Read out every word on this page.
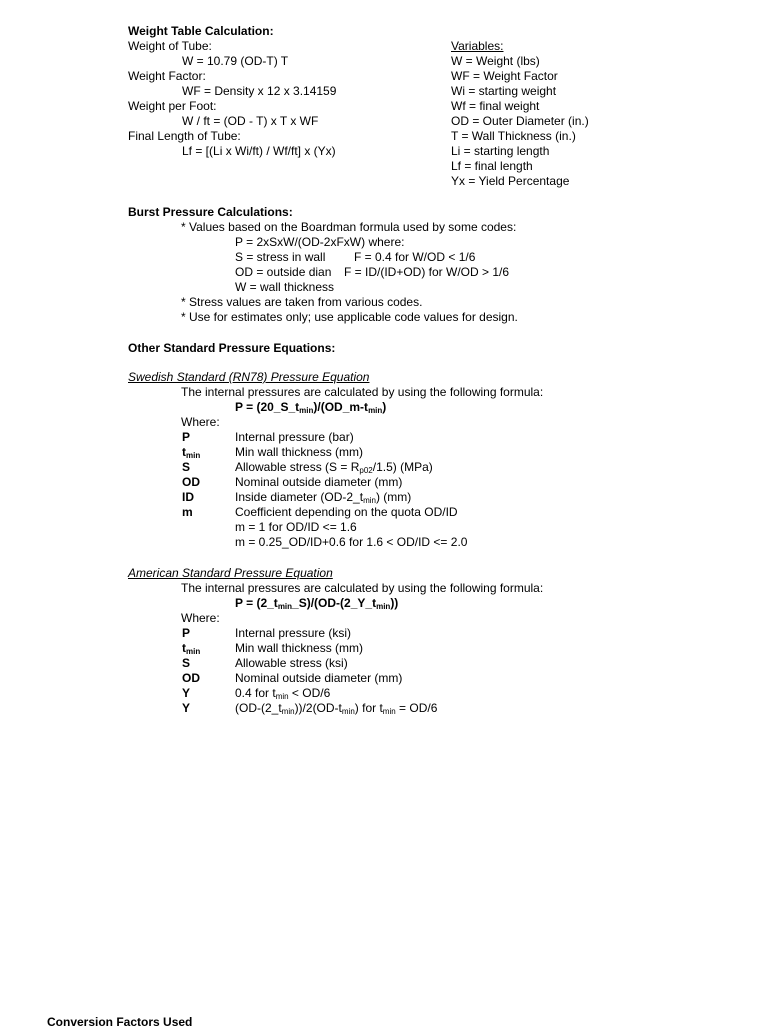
Weight Table Calculation:
Weight of Tube:
W = 10.79 (OD-T) T
Weight Factor:
WF = Density x 12 x 3.14159
Weight per Foot:
W / ft = (OD - T) x T x WF
Final Length of Tube:
Lf = [(Li x Wi/ft) / Wf/ft] x (Yx)
Variables:
W = Weight (lbs)
WF = Weight Factor
Wi = starting weight
Wf = final weight
OD = Outer Diameter (in.)
T = Wall Thickness (in.)
Li = starting length
Lf = final length
Yx = Yield Percentage
Burst Pressure Calculations:
* Values based on the Boardman formula used by some codes:
P = 2xSxW/(OD-2xFxW) where:
S = stress in wall F = 0.4 for W/OD < 1/6
OD = outside dian F = ID/(ID+OD) for W/OD > 1/6
W = wall thickness
* Stress values are taken from various codes.
* Use for estimates only; use applicable code values for design.
Other Standard Pressure Equations:
Swedish Standard (RN78) Pressure Equation
The internal pressures are calculated by using the following formula:
$P = (20\_S\_t_{min})/(OD\_m-t_{min})$
Where:
P	Internal pressure (bar)
$t_{min}$	Min wall thickness (mm)
S	Allowable stress (S = Rp02/1.5) (MPa)
OD	Nominal outside diameter (mm)
ID	Inside diameter (OD-2_tmin) (mm)
m	Coefficient depending on the quota OD/ID
m = 1 for OD/ID <= 1.6
m = 0.25_OD/ID+0.6 for 1.6 < OD/ID <= 2.0
American Standard Pressure Equation
The internal pressures are calculated by using the following formula:
$P = (2\_t_{min}\_S)/(OD-(2\_Y\_t_{min}))$
Where:
P	Internal pressure (ksi)
$t_{min}$	Min wall thickness (mm)
S	Allowable stress (ksi)
OD	Nominal outside diameter (mm)
Y	0.4 for tmin < OD/6
Y	(OD-(2_tmin))/2(OD-tmin) for tmin = OD/6
Conversion Factors Used
